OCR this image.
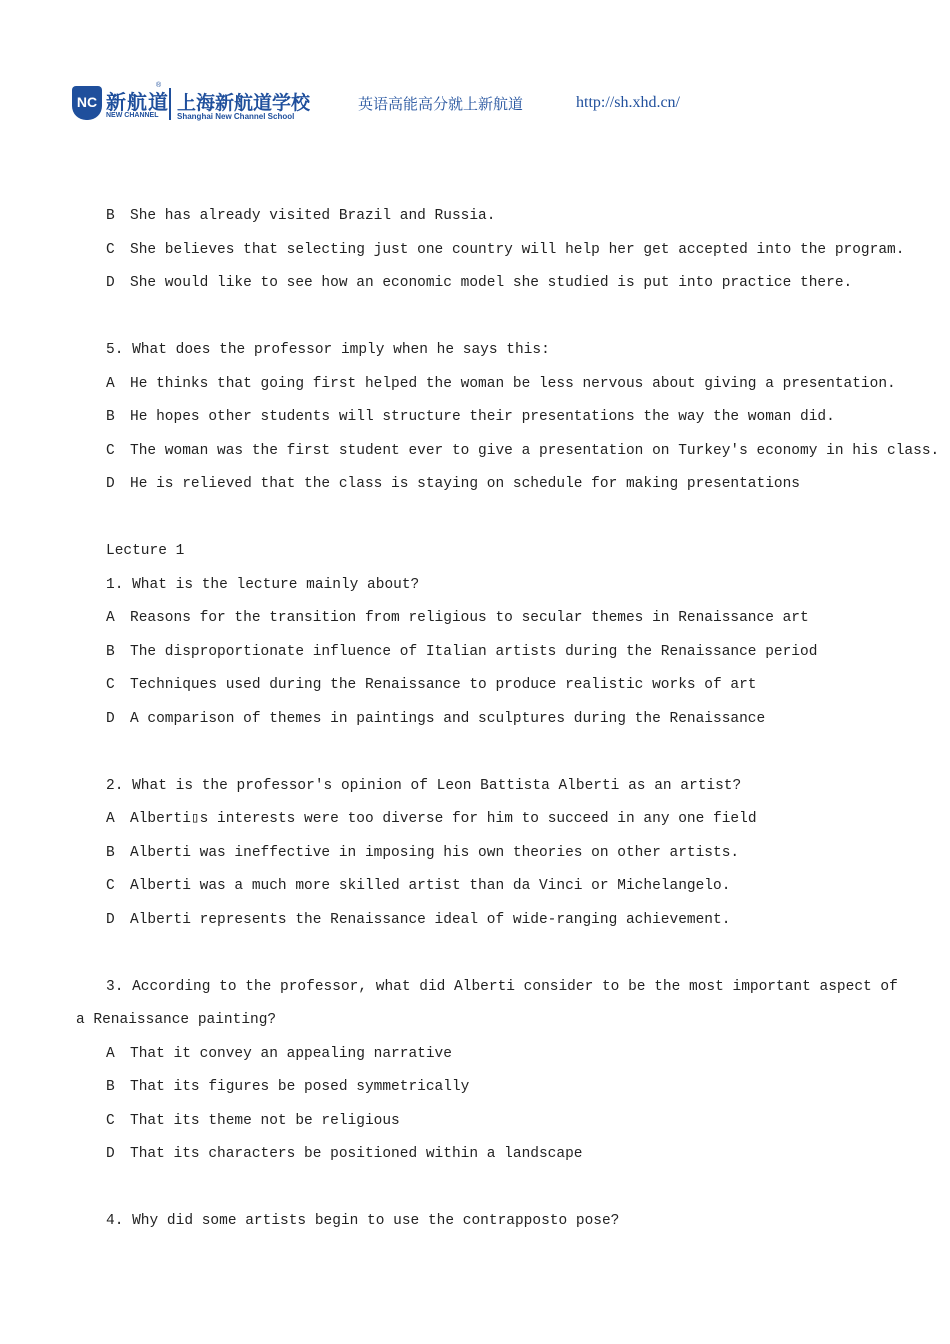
NC 新航道
®
NEW CHANNEL
上海新航道学校
Shanghai New Channel School
英语高能高分就上新航道	http://sh.xhd.cn/
B She has already visited Brazil and Russia.
C She believes that selecting just one country will help her get accepted into the program.
D She would like to see how an economic model she studied is put into practice there.
5. What does the professor imply when he says this:
A He thinks that going first helped the woman be less nervous about giving a presentation.
B He hopes other students will structure their presentations the way the woman did.
C The woman was the first student ever to give a presentation on Turkey's economy in his class.
D He is relieved that the class is staying on schedule for making presentations
Lecture 1
1. What is the lecture mainly about?
A Reasons for the transition from religious to secular themes in Renaissance art
B The disproportionate influence of Italian artists during the Renaissance period
C Techniques used during the Renaissance to produce realistic works of art
D A comparison of themes in paintings and sculptures during the Renaissance
2. What is the professor's opinion of Leon Battista Alberti as an artist?
A Alberti▯s interests were too diverse for him to succeed in any one field
B Alberti was ineffective in imposing his own theories on other artists.
C Alberti was a much more skilled artist than da Vinci or Michelangelo.
D Alberti represents the Renaissance ideal of wide-ranging achievement.
3. According to the professor, what did Alberti consider to be the most important aspect of
a Renaissance painting?
A That it convey an appealing narrative
B That its figures be posed symmetrically
C That its theme not be religious
D That its characters be positioned within a landscape
4. Why did some artists begin to use the contrapposto pose?
